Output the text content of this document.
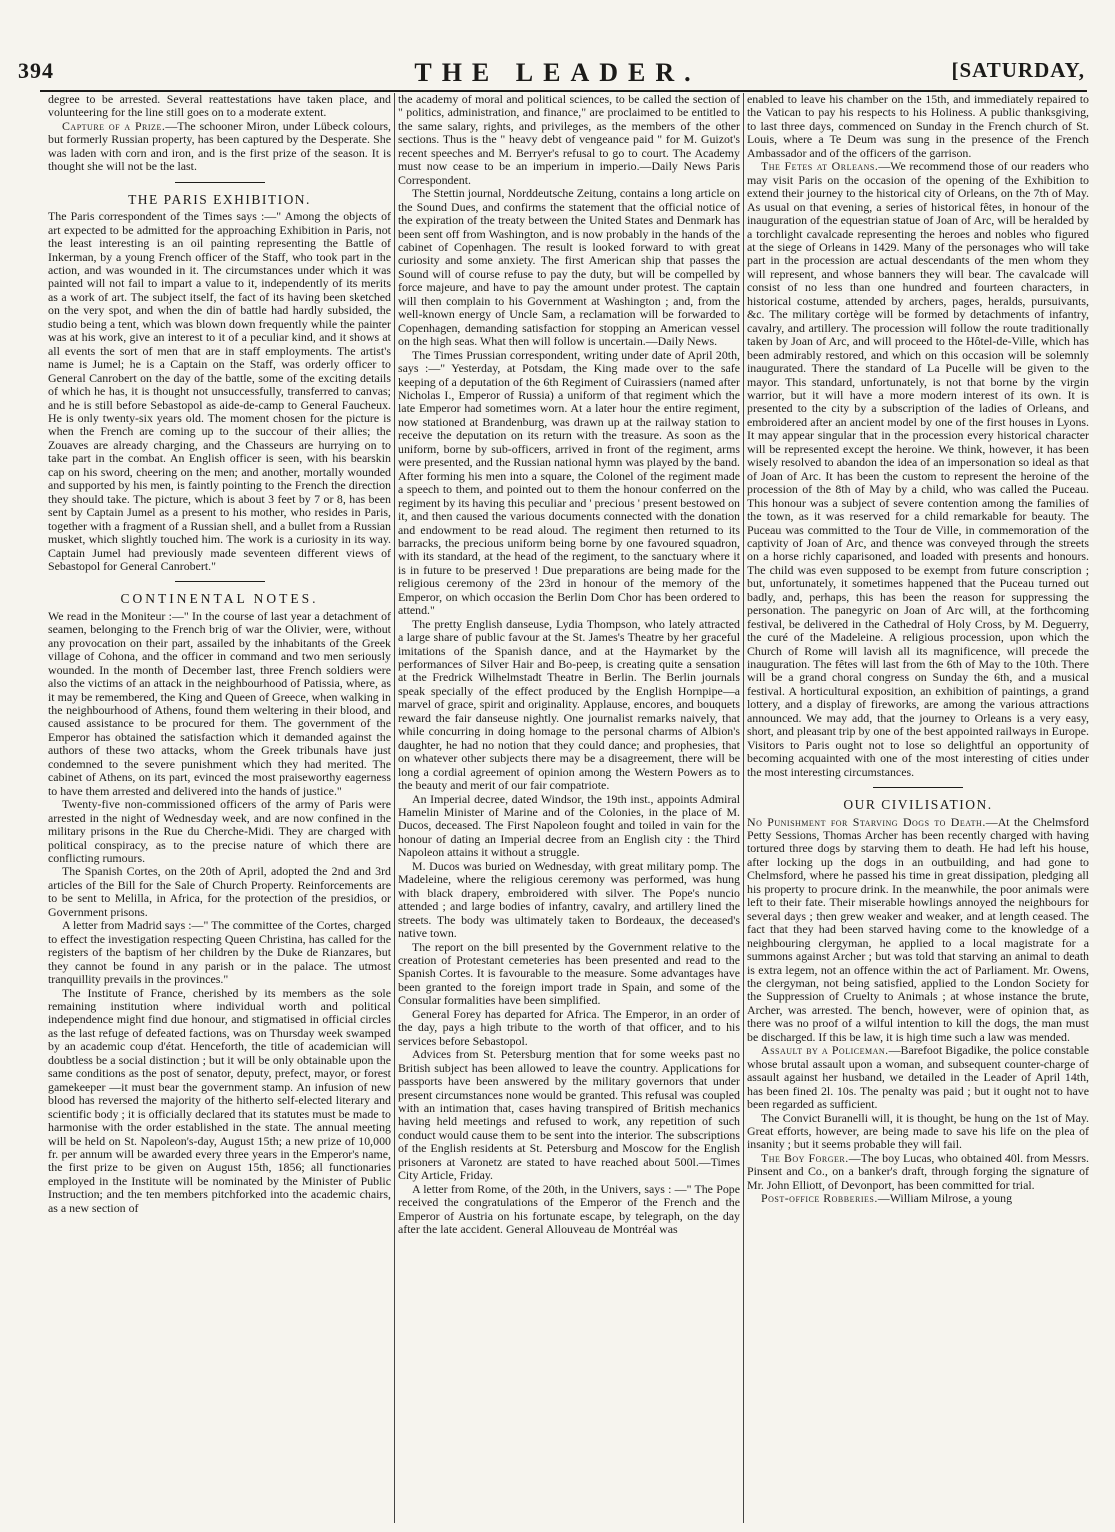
394	THE LEADER.	[SATURDAY,

degree to be arrested. Several reattestations have taken place, and volunteering for the line still goes on to a moderate extent.

Capture of a Prize.—The schooner Miron, under Lübeck colours, but formerly Russian property, has been captured by the Desperate. She was laden with corn and iron, and is the first prize of the season. It is thought she will not be the last.

THE PARIS EXHIBITION.

The Paris correspondent of the Times says :—" Among the objects of art expected to be admitted for the approaching Exhibition in Paris, not the least interesting is an oil painting representing the Battle of Inkerman, by a young French officer of the Staff, who took part in the action, and was wounded in it. The circumstances under which it was painted will not fail to impart a value to it, independently of its merits as a work of art. The subject itself, the fact of its having been sketched on the very spot, and when the din of battle had hardly subsided, the studio being a tent, which was blown down frequently while the painter was at his work, give an interest to it of a peculiar kind, and it shows at all events the sort of men that are in staff employments. The artist's name is Jumel; he is a Captain on the Staff, was orderly officer to General Canrobert on the day of the battle, some of the exciting details of which he has, it is thought not unsuccessfully, transferred to canvas; and he is still before Sebastopol as aide-de-camp to General Faucheux. He is only twenty-six years old. The moment chosen for the picture is when the French are coming up to the succour of their allies; the Zouaves are already charging, and the Chasseurs are hurrying on to take part in the combat. An English officer is seen, with his bearskin cap on his sword, cheering on the men; and another, mortally wounded and supported by his men, is faintly pointing to the French the direction they should take. The picture, which is about 3 feet by 7 or 8, has been sent by Captain Jumel as a present to his mother, who resides in Paris, together with a fragment of a Russian shell, and a bullet from a Russian musket, which slightly touched him. The work is a curiosity in its way. Captain Jumel had previously made seventeen different views of Sebastopol for General Canrobert."

CONTINENTAL NOTES.

We read in the Moniteur :—" In the course of last year a detachment of seamen, belonging to the French brig of war the Olivier, were, without any provocation on their part, assailed by the inhabitants of the Greek village of Cohona, and the officer in command and two men seriously wounded. In the month of December last, three French soldiers were also the victims of an attack in the neighbourhood of Patissia, where, as it may be remembered, the King and Queen of Greece, when walking in the neighbourhood of Athens, found them weltering in their blood, and caused assistance to be procured for them. The government of the Emperor has obtained the satisfaction which it demanded against the authors of these two attacks, whom the Greek tribunals have just condemned to the severe punishment which they had merited. The cabinet of Athens, on its part, evinced the most praiseworthy eagerness to have them arrested and delivered into the hands of justice."

Twenty-five non-commissioned officers of the army of Paris were arrested in the night of Wednesday week, and are now confined in the military prisons in the Rue du Cherche-Midi. They are charged with political conspiracy, as to the precise nature of which there are conflicting rumours.

The Spanish Cortes, on the 20th of April, adopted the 2nd and 3rd articles of the Bill for the Sale of Church Property. Reinforcements are to be sent to Melilla, in Africa, for the protection of the presidios, or Government prisons.

A letter from Madrid says :—" The committee of the Cortes, charged to effect the investigation respecting Queen Christina, has called for the registers of the baptism of her children by the Duke de Rianzares, but they cannot be found in any parish or in the palace. The utmost tranquillity prevails in the provinces."

The Institute of France, cherished by its members as the sole remaining institution where individual worth and political independence might find due honour, and stigmatised in official circles as the last refuge of defeated factions, was on Thursday week swamped by an academic coup d'état. Henceforth, the title of academician will doubtless be a social distinction ; but it will be only obtainable upon the same conditions as the post of senator, deputy, prefect, mayor, or forest gamekeeper —it must bear the government stamp. An infusion of new blood has reversed the majority of the hitherto self-elected literary and scientific body ; it is officially declared that its statutes must be made to harmonise with the order established in the state. The annual meeting will be held on St. Napoleon's-day, August 15th; a new prize of 10,000 fr. per annum will be awarded every three years in the Emperor's name, the first prize to be given on August 15th, 1856; all functionaries employed in the Institute will be nominated by the Minister of Public Instruction; and the ten members pitchforked into the academic chairs, as a new section of

the academy of moral and political sciences, to be called the section of " politics, administration, and finance," are proclaimed to be entitled to the same salary, rights, and privileges, as the members of the other sections. Thus is the " heavy debt of vengeance paid " for M. Guizot's recent speeches and M. Berryer's refusal to go to court. The Academy must now cease to be an imperium in imperio.—Daily News Paris Correspondent.

The Stettin journal, Norddeutsche Zeitung, contains a long article on the Sound Dues, and confirms the statement that the official notice of the expiration of the treaty between the United States and Denmark has been sent off from Washington, and is now probably in the hands of the cabinet of Copenhagen. The result is looked forward to with great curiosity and some anxiety. The first American ship that passes the Sound will of course refuse to pay the duty, but will be compelled by force majeure, and have to pay the amount under protest. The captain will then complain to his Government at Washington ; and, from the well-known energy of Uncle Sam, a reclamation will be forwarded to Copenhagen, demanding satisfaction for stopping an American vessel on the high seas. What then will follow is uncertain.—Daily News.

The Times Prussian correspondent, writing under date of April 20th, says :—" Yesterday, at Potsdam, the King made over to the safe keeping of a deputation of the 6th Regiment of Cuirassiers (named after Nicholas I., Emperor of Russia) a uniform of that regiment which the late Emperor had sometimes worn. At a later hour the entire regiment, now stationed at Brandenburg, was drawn up at the railway station to receive the deputation on its return with the treasure. As soon as the uniform, borne by sub-officers, arrived in front of the regiment, arms were presented, and the Russian national hymn was played by the band. After forming his men into a square, the Colonel of the regiment made a speech to them, and pointed out to them the honour conferred on the regiment by its having this peculiar and ' precious ' present bestowed on it, and then caused the various documents connected with the donation and endowment to be read aloud. The regiment then returned to its barracks, the precious uniform being borne by one favoured squadron, with its standard, at the head of the regiment, to the sanctuary where it is in future to be preserved ! Due preparations are being made for the religious ceremony of the 23rd in honour of the memory of the Emperor, on which occasion the Berlin Dom Chor has been ordered to attend."

The pretty English danseuse, Lydia Thompson, who lately attracted a large share of public favour at the St. James's Theatre by her graceful imitations of the Spanish dance, and at the Haymarket by the performances of Silver Hair and Bo-peep, is creating quite a sensation at the Fredrick Wilhelmstadt Theatre in Berlin. The Berlin journals speak specially of the effect produced by the English Hornpipe—a marvel of grace, spirit and originality. Applause, encores, and bouquets reward the fair danseuse nightly. One journalist remarks naively, that while concurring in doing homage to the personal charms of Albion's daughter, he had no notion that they could dance; and prophesies, that on whatever other subjects there may be a disagreement, there will be long a cordial agreement of opinion among the Western Powers as to the beauty and merit of our fair compatriote.

An Imperial decree, dated Windsor, the 19th inst., appoints Admiral Hamelin Minister of Marine and of the Colonies, in the place of M. Ducos, deceased. The First Napoleon fought and toiled in vain for the honour of dating an Imperial decree from an English city : the Third Napoleon attains it without a struggle.

M. Ducos was buried on Wednesday, with great military pomp. The Madeleine, where the religious ceremony was performed, was hung with black drapery, embroidered with silver. The Pope's nuncio attended ; and large bodies of infantry, cavalry, and artillery lined the streets. The body was ultimately taken to Bordeaux, the deceased's native town.

The report on the bill presented by the Government relative to the creation of Protestant cemeteries has been presented and read to the Spanish Cortes. It is favourable to the measure. Some advantages have been granted to the foreign import trade in Spain, and some of the Consular formalities have been simplified.

General Forey has departed for Africa. The Emperor, in an order of the day, pays a high tribute to the worth of that officer, and to his services before Sebastopol.

Advices from St. Petersburg mention that for some weeks past no British subject has been allowed to leave the country. Applications for passports have been answered by the military governors that under present circumstances none would be granted. This refusal was coupled with an intimation that, cases having transpired of British mechanics having held meetings and refused to work, any repetition of such conduct would cause them to be sent into the interior. The subscriptions of the English residents at St. Petersburg and Moscow for the English prisoners at Varonetz are stated to have reached about 500l.—Times City Article, Friday.

A letter from Rome, of the 20th, in the Univers, says : —" The Pope received the congratulations of the Emperor of the French and the Emperor of Austria on his fortunate escape, by telegraph, on the day after the late accident. General Allouveau de Montréal was

enabled to leave his chamber on the 15th, and immediately repaired to the Vatican to pay his respects to his Holiness. A public thanksgiving, to last three days, commenced on Sunday in the French church of St. Louis, where a Te Deum was sung in the presence of the French Ambassador and of the officers of the garrison.

The Fetes at Orleans.—We recommend those of our readers who may visit Paris on the occasion of the opening of the Exhibition to extend their journey to the historical city of Orleans, on the 7th of May. As usual on that evening, a series of historical fêtes, in honour of the inauguration of the equestrian statue of Joan of Arc, will be heralded by a torchlight cavalcade representing the heroes and nobles who figured at the siege of Orleans in 1429. Many of the personages who will take part in the procession are actual descendants of the men whom they will represent, and whose banners they will bear. The cavalcade will consist of no less than one hundred and fourteen characters, in historical costume, attended by archers, pages, heralds, pursuivants, &c. The military cortège will be formed by detachments of infantry, cavalry, and artillery. The procession will follow the route traditionally taken by Joan of Arc, and will proceed to the Hôtel-de-Ville, which has been admirably restored, and which on this occasion will be solemnly inaugurated. There the standard of La Pucelle will be given to the mayor. This standard, unfortunately, is not that borne by the virgin warrior, but it will have a more modern interest of its own. It is presented to the city by a subscription of the ladies of Orleans, and embroidered after an ancient model by one of the first houses in Lyons. It may appear singular that in the procession every historical character will be represented except the heroine. We think, however, it has been wisely resolved to abandon the idea of an impersonation so ideal as that of Joan of Arc. It has been the custom to represent the heroine of the procession of the 8th of May by a child, who was called the Puceau. This honour was a subject of severe contention among the families of the town, as it was reserved for a child remarkable for beauty. The Puceau was committed to the Tour de Ville, in commemoration of the captivity of Joan of Arc, and thence was conveyed through the streets on a horse richly caparisoned, and loaded with presents and honours. The child was even supposed to be exempt from future conscription ; but, unfortunately, it sometimes happened that the Puceau turned out badly, and, perhaps, this has been the reason for suppressing the personation. The panegyric on Joan of Arc will, at the forthcoming festival, be delivered in the Cathedral of Holy Cross, by M. Deguerry, the curé of the Madeleine. A religious procession, upon which the Church of Rome will lavish all its magnificence, will precede the inauguration. The fêtes will last from the 6th of May to the 10th. There will be a grand choral congress on Sunday the 6th, and a musical festival. A horticultural exposition, an exhibition of paintings, a grand lottery, and a display of fireworks, are among the various attractions announced. We may add, that the journey to Orleans is a very easy, short, and pleasant trip by one of the best appointed railways in Europe. Visitors to Paris ought not to lose so delightful an opportunity of becoming acquainted with one of the most interesting of cities under the most interesting circumstances.

OUR CIVILISATION.

No Punishment for Starving Dogs to Death.—At the Chelmsford Petty Sessions, Thomas Archer has been recently charged with having tortured three dogs by starving them to death. He had left his house, after locking up the dogs in an outbuilding, and had gone to Chelmsford, where he passed his time in great dissipation, pledging all his property to procure drink. In the meanwhile, the poor animals were left to their fate. Their miserable howlings annoyed the neighbours for several days ; then grew weaker and weaker, and at length ceased. The fact that they had been starved having come to the knowledge of a neighbouring clergyman, he applied to a local magistrate for a summons against Archer ; but was told that starving an animal to death is extra legem, not an offence within the act of Parliament. Mr. Owens, the clergyman, not being satisfied, applied to the London Society for the Suppression of Cruelty to Animals ; at whose instance the brute, Archer, was arrested. The bench, however, were of opinion that, as there was no proof of a wilful intention to kill the dogs, the man must be discharged. If this be law, it is high time such a law was mended.

Assault by a Policeman.—Barefoot Bigadike, the police constable whose brutal assault upon a woman, and subsequent counter-charge of assault against her husband, we detailed in the Leader of April 14th, has been fined 2l. 10s. The penalty was paid ; but it ought not to have been regarded as sufficient.

The Convict Buranelli will, it is thought, be hung on the 1st of May. Great efforts, however, are being made to save his life on the plea of insanity ; but it seems probable they will fail.

The Boy Forger.—The boy Lucas, who obtained 40l. from Messrs. Pinsent and Co., on a banker's draft, through forging the signature of Mr. John Elliott, of Devonport, has been committed for trial.

Post-office Robberies.—William Milrose, a young
